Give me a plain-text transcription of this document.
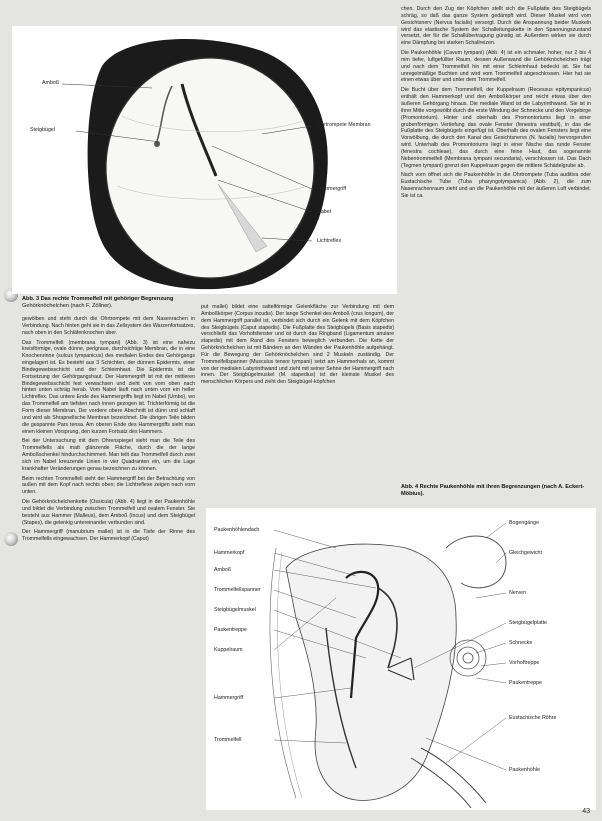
Amboß
Steigbügel
Ohrtrompete Membran
Hammergriff
Nabel
Lichtreflex
Abb. 3 Das rechte Trommelfell mit gehöriger Begrenzung Gehörknöchelchen (nach F. Zöllner).

chen. Durch den Zug der Köpfchen stellt sich die Fußplatte des Steigbügels schräg, so daß das ganze System gedämpft wird. Dieser Muskel wird vom Gesichtsnerv (Nervus facialis) versorgt. Durch die Anspannung beider Muskeln wird das elastische System der Schalleitungskette in den Spannungszustand versetzt, der für die Schallübertragung günstig ist. Außerdem wirken sie durch eine Dämpfung bei starken Schallreizen.

Die Paukenhöhle (Cavum tympani) (Abb. 4) ist ein schmaler, hoher, nur 2 bis 4 mm tiefer, luftgefüllter Raum, dessen Außenwand die Gehörknöchelchen trägt und nach dem Trommelfell hin mit einer Schleimhaut bedeckt ist. Sie hat unregelmäßige Buchten und wird vom Trommelfell abgeschlossen. Hier hat sie einen etwas über und unter dem Trommelfell.

Die Bucht über dem Trommelfell, der Kuppelraum (Recessus epitympanicus) enthält den Hammerkopf und den Amboßkörper und reicht etwas über den äußeren Gehörgang hinaus. Die mediale Wand ist die Labyrinthwand. Sie ist in ihrer Mitte vorgewölbt durch die erste Windung der Schnecke und den Vorgebirge (Promontorium). Hinter und oberhalb des Promontoriums liegt in einer grubenförmigen Vertiefung das ovale Fenster (fenestra vestibuli), in das die Fußplatte des Steigbügels eingefügt ist. Oberhalb des ovalen Fensters liegt eine Vorwölbung, die durch den Kanal des Gesichtsnervs (N. facialis) hervorgerufen wird. Unterhalb des Promontoriums liegt in einer Nische das runde Fenster (fenestra cochleae), das durch eine feine Haut, das sogenannte Nebentrommelfell (Membrana tympani secundaria), verschlossen ist. Das Dach (Tegmen tympani) grenzt den Kuppelraum gegen die mittlere Schädelgrube ab.

Nach vorn öffnet sich die Paukenhöhle in die Ohrtrompete (Tuba auditiva oder Eustachische Tube (Tuba pharyngotympanica) (Abb. 2), die zum Nasenrachenraum zieht und an die Paukenhöhle mit der äußeren Luft verbindet. Sie ist ca.

Abb. 4 Rechte Paukenhöhle mit ihren Begrenzungen (nach A. Eckert-Möbius).

gewölben und steht durch die Ohrtrompete mit dem Nasenrachen in Verbindung. Nach hinten geht sie in das Zellsystem des Warzenfortsatzes, nach oben in den Schläfenknochen über.

Das Trommelfell (membrana tympani) (Abb. 3) ist eine nahezu kreisförmige, ovale dünne, perlgraue, durchsichtige Membran, die in eine Knochenrinne (sulcus tympanicus) des medialen Endes des Gehörgangs eingelagert ist. Es besteht aus 3 Schichten, der dünnen Epidermis, einer Bindegewebsschicht und der Schleimhaut. Die Epidermis ist die Fortsetzung der Gehörgangshaut. Der Hammergriff ist mit der mittleren Bindegewebsschicht fest verwachsen und zieht von vorn oben nach hinten unten schräg herab. Vom Nabel läuft nach unten vorn ein heller Lichtreflex. Das untere Ende des Hammergriffs liegt im Nabel (Umbo), wo das Trommelfell am tiefsten nach innen gezogen ist. Trichterförmig ist die Form dieser Membran. Der vordere obere Abschnitt ist dünn und schlaff und wird als Shrapnellsche Membran bezeichnet. Die übrigen Teile bilden die gespannte Pars tensa. Am oberen Ende des Hammergriffs sieht man einen kleinen Vorsprung, den kurzen Fortsatz des Hammers.

Bei der Untersuchung mit dem Ohrenspiegel sieht man die Teile des Trommelfells als matt glänzende Fläche, durch die der lange Amboßschenkel hindurchschimmert. Man teilt das Trommelfell durch zwei sich im Nabel kreuzende Linien in vier Quadranten ein, um die Lage krankhafter Veränderungen genau bezeichnen zu können.

Beim rechten Trommelfell sieht der Hammergriff bei der Betrachtung von außen mit dem Kopf nach rechts oben; die Lichtreflexe zeigen nach vorn unten.

Die Gehörknöchelchenkette (Ossicula) (Abb. 4) liegt in der Paukenhöhle und bildet die Verbindung zwischen Trommelfell und ovalem Fenster. Sie besteht aus Hammer (Malleus), dem Amboß (Incus) und dem Steigbügel (Stapes), die gelenkig untereinander verbunden sind.

Der Hammergriff (manubrium mallei) ist in die Tiefe der Rinne des Trommelfells eingewachsen. Der Hammerkopf (Caput)

put mallei) bildet eine sattelförmige Gelenkfläche zur Verbindung mit dem Amboßkörper (Corpus incudis). Der lange Schenkel des Amboß (crus longum), der dem Hammergriff parallel ist, verbindet sich durch ein Gelenk mit dem Köpfchen des Steigbügels (Caput stapedis). Die Fußplatte des Steigbügels (Basis stapedis) verschließt das Vorhofsfenster und ist durch das Ringband (Ligamentum anulare stapedis) mit dem Rand des Fensters beweglich verbunden. Die Kette der Gehörknöchelchen ist mit Bändern an den Wänden der Paukenhöhle aufgehängt. Für die Bewegung der Gehörknöchelchen sind 2 Muskeln zuständig. Der Trommelfellspanner (Musculus tensor tympani) setzt am Hammerhals an, kommt von der medialen Labyrinthwand und zieht mit seiner Sehne der Hammergriff nach innen. Der Steigbügelmuskel (M. stapedius) ist der kleinste Muskel des menschlichen Körpers und zieht den Steigbügel-köpfchen

Paukenhöhlendach
Hammerkopf
Amboß
Trommelfellspanner
Steigbügelmuskel
Paukentreppe
Kuppelraum
Hammergriff
Trommelfell
Bogengänge
Gleichgewicht
Nerven
Steigbügelplatte
Schnecke
Vorhoftreppe
Paukentreppe
Eustachische Röhre
Paukenhöhle
43
